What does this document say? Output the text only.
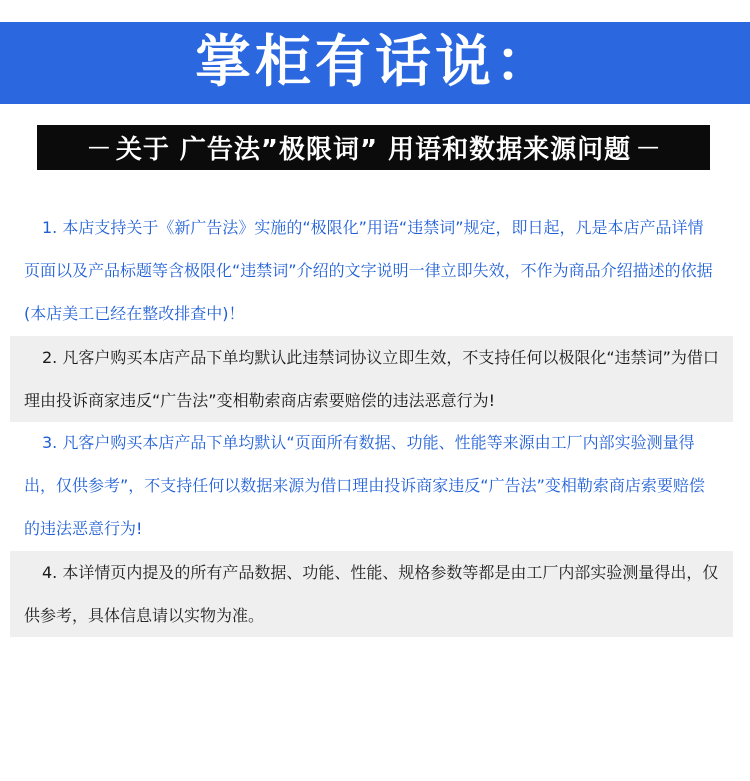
掌柜有话说：
— 关于 广告法”极限词” 用语和数据来源问题 —
1. 本店支持关于《新广告法》实施的“极限化”用语“违禁词”规定，即日起，凡是本店产品详情页面以及产品标题等含极限化“违禁词”介绍的文字说明一律立即失效，不作为商品介绍描述的依据(本店美工已经在整改排查中)！
2. 凡客户购买本店产品下单均默认此违禁词协议立即生效，不支持任何以极限化“违禁词”为借口理由投诉商家违反“广告法”变相勒索商店索要赔偿的违法恶意行为!
3. 凡客户购买本店产品下单均默认“页面所有数据、功能、性能等来源由工厂内部实验测量得出，仅供参考”，不支持任何以数据来源为借口理由投诉商家违反“广告法”变相勒索商店索要赔偿的违法恶意行为!
4. 本详情页内提及的所有产品数据、功能、性能、规格参数等都是由工厂内部实验测量得出，仅供参考，具体信息请以实物为准。
